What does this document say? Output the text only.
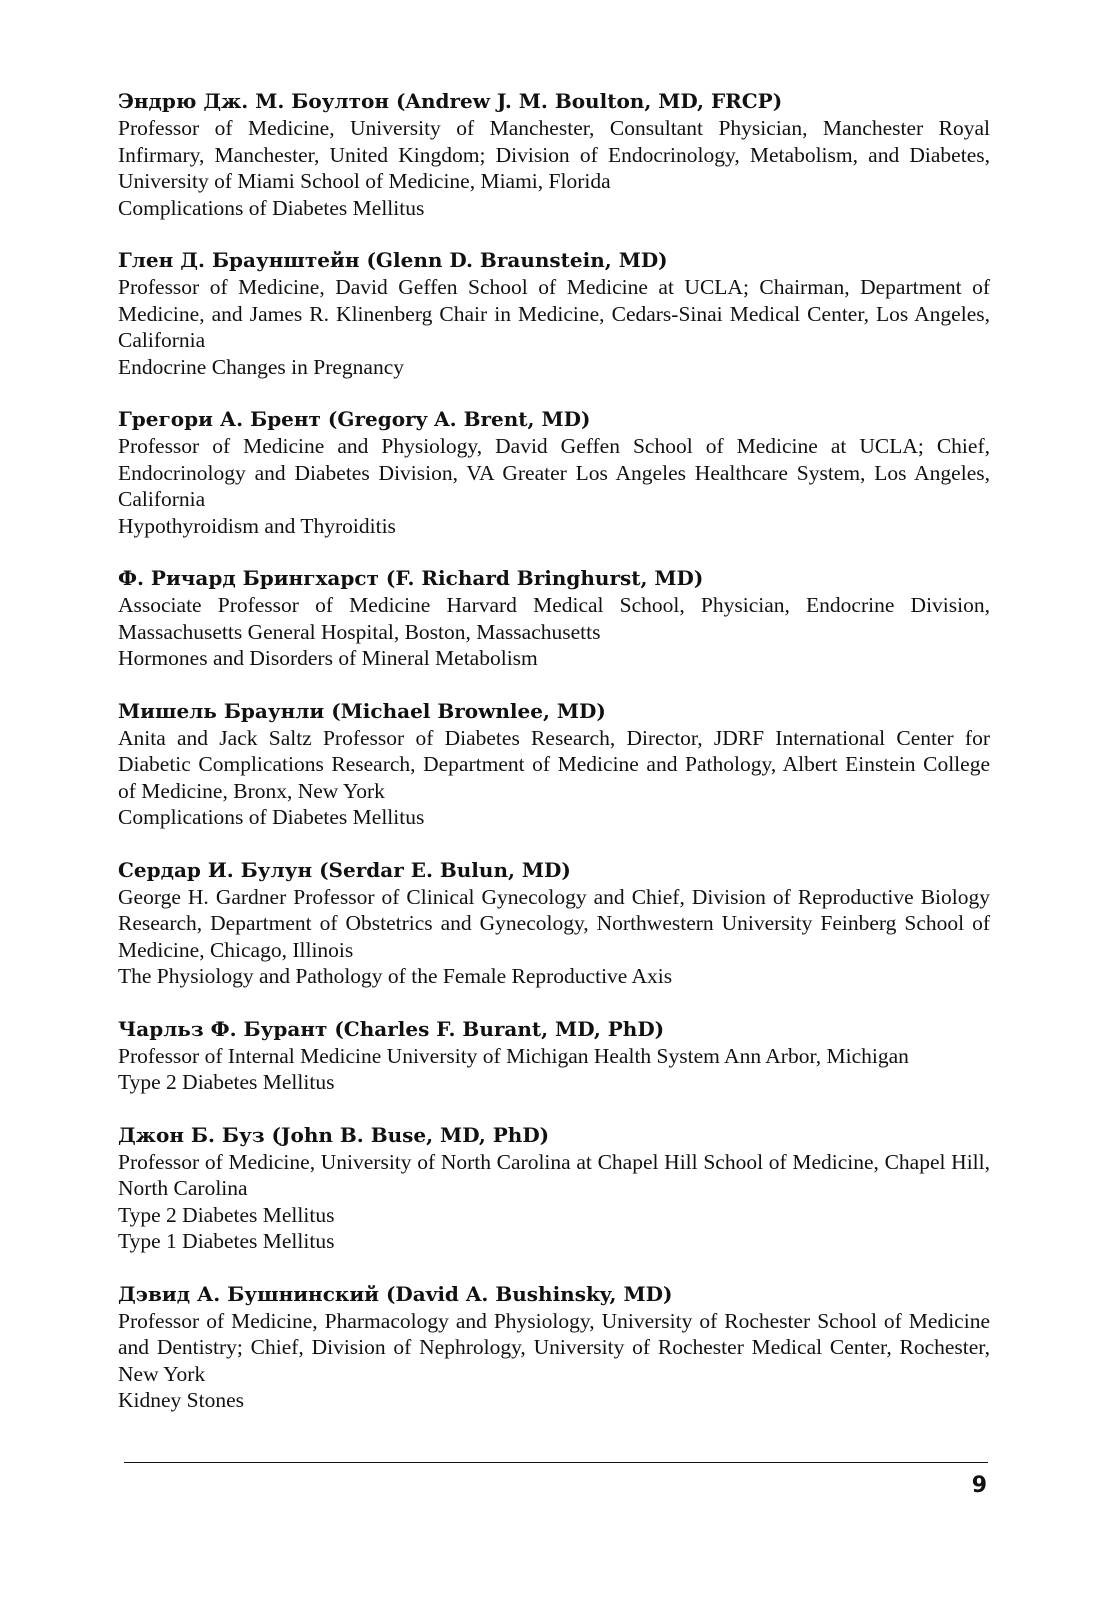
Эндрю Дж. М. Боултон (Andrew J. M. Boulton, MD, FRCP)
Professor of Medicine, University of Manchester, Consultant Physician, Manchester Royal Infirmary, Manchester, United Kingdom; Division of Endocrinology, Metabolism, and Diabetes, University of Miami School of Medicine, Miami, Florida
Complications of Diabetes Mellitus
Глен Д. Браунштейн (Glenn D. Braunstein, MD)
Professor of Medicine, David Geffen School of Medicine at UCLA; Chairman, Department of Medicine, and James R. Klinenberg Chair in Medicine, Cedars-Sinai Medical Center, Los Angeles, California
Endocrine Changes in Pregnancy
Грегори А. Брент (Gregory A. Brent, MD)
Professor of Medicine and Physiology, David Geffen School of Medicine at UCLA; Chief, Endocrinology and Diabetes Division, VA Greater Los Angeles Healthcare System, Los Angeles, California
Hypothyroidism and Thyroiditis
Ф. Ричард Брингхарст (F. Richard Bringhurst, MD)
Associate Professor of Medicine Harvard Medical School, Physician, Endocrine Division, Massachusetts General Hospital, Boston, Massachusetts
Hormones and Disorders of Mineral Metabolism
Мишель Браунли (Michael Brownlee, MD)
Anita and Jack Saltz Professor of Diabetes Research, Director, JDRF International Center for Diabetic Complications Research, Department of Medicine and Pathology, Albert Einstein College of Medicine, Bronx, New York
Complications of Diabetes Mellitus
Сердар И. Булун (Serdar E. Bulun, MD)
George H. Gardner Professor of Clinical Gynecology and Chief, Division of Reproductive Biology Research, Department of Obstetrics and Gynecology, Northwestern University Feinberg School of Medicine, Chicago, Illinois
The Physiology and Pathology of the Female Reproductive Axis
Чарльз Ф. Бурант (Charles F. Burant, MD, PhD)
Professor of Internal Medicine University of Michigan Health System Ann Arbor, Michigan
Type 2 Diabetes Mellitus
Джон Б. Буз (John B. Buse, MD, PhD)
Professor of Medicine, University of North Carolina at Chapel Hill School of Medicine, Chapel Hill, North Carolina
Type 2 Diabetes Mellitus
Type 1 Diabetes Mellitus
Дэвид А. Бушнинский (David A. Bushinsky, MD)
Professor of Medicine, Pharmacology and Physiology, University of Rochester School of Medicine and Dentistry; Chief, Division of Nephrology, University of Rochester Medical Center, Rochester, New York
Kidney Stones
9
